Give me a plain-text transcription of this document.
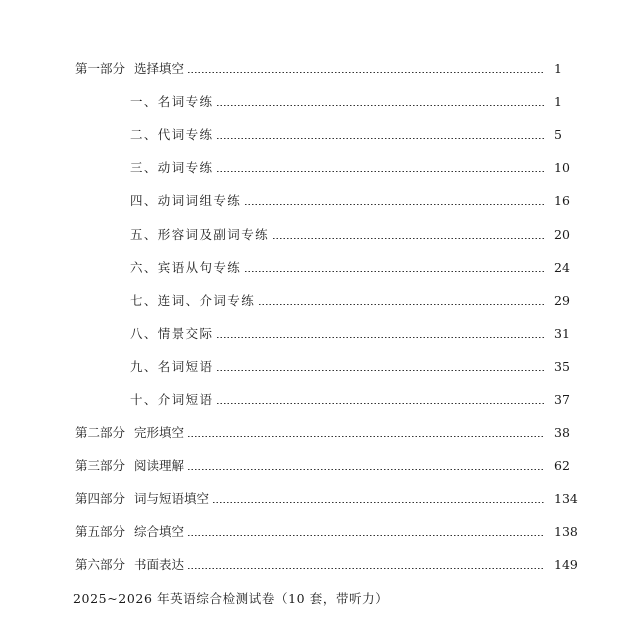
第一部分 选择填空	1
一、名词专练	1
二、代词专练	5
三、动词专练	10
四、动词词组专练	16
五、形容词及副词专练	20
六、宾语从句专练	24
七、连词、介词专练	29
八、情景交际	31
九、名词短语	35
十、介词短语	37
第二部分 完形填空	38
第三部分 阅读理解	62
第四部分 词与短语填空	134
第五部分 综合填空	138
第六部分 书面表达	149
2025~2026 年英语综合检测试卷（10 套，带听力）
